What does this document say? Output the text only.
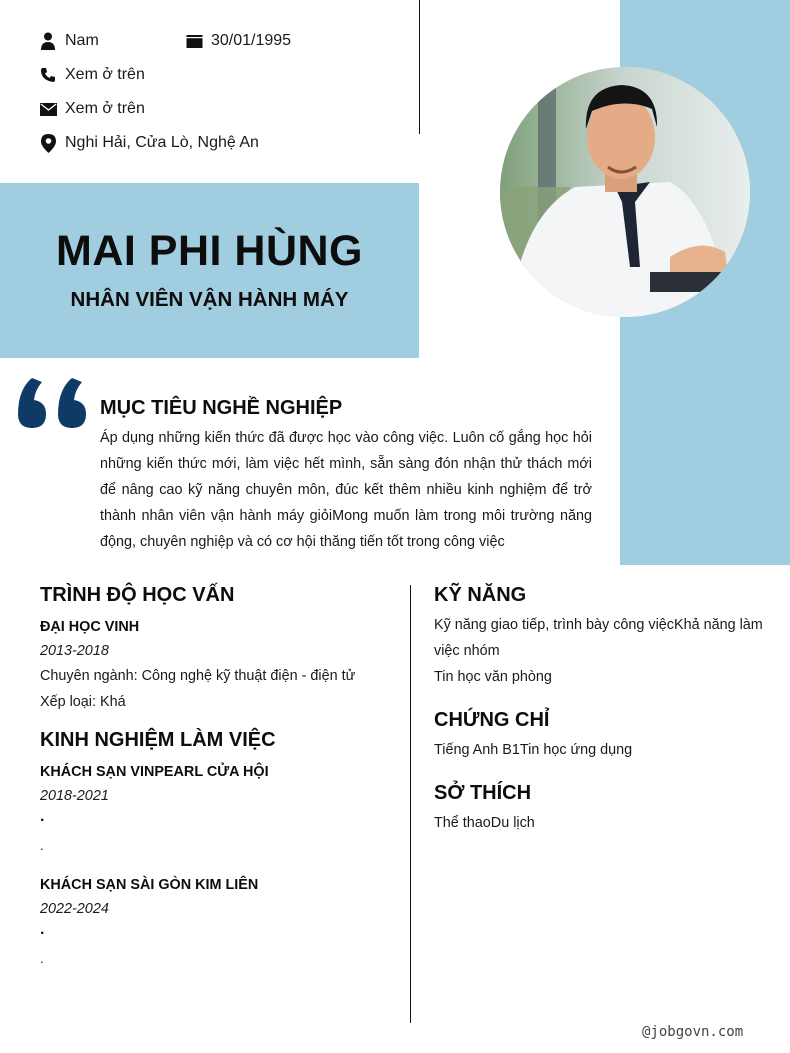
Nam	30/01/1995
Xem ở trên
Xem ở trên
Nghi Hải, Cửa Lò, Nghệ An
MAI PHI HÙNG
NHÂN VIÊN VẬN HÀNH MÁY
MỤC TIÊU NGHỀ NGHIỆP
Áp dụng những kiến thức đã được học vào công việc. Luôn cố gắng học hỏi những kiến thức mới, làm việc hết mình, sẵn sàng đón nhận thử thách mới để nâng cao kỹ năng chuyên môn, đúc kết thêm nhiều kinh nghiệm để trở thành nhân viên vận hành máy giỏiMong muốn làm trong môi trường năng động, chuyên nghiệp và có cơ hội thăng tiến tốt trong công việc
TRÌNH ĐỘ HỌC VẤN
ĐẠI HỌC VINH
2013-2018
Chuyên ngành: Công nghệ kỹ thuật điện - điện tử
Xếp loại: Khá
KINH NGHIỆM LÀM VIỆC
KHÁCH SẠN VINPEARL CỬA HỘI
2018-2021
.
.
KHÁCH SẠN SÀI GÒN KIM LIÊN
2022-2024
.
.
KỸ NĂNG
Kỹ năng giao tiếp, trình bày công việcKhả năng làm việc nhóm
Tin học văn phòng
CHỨNG CHỈ
Tiếng Anh B1Tin học ứng dụng
SỞ THÍCH
Thể thaoDu lịch
@jobgovn.com
